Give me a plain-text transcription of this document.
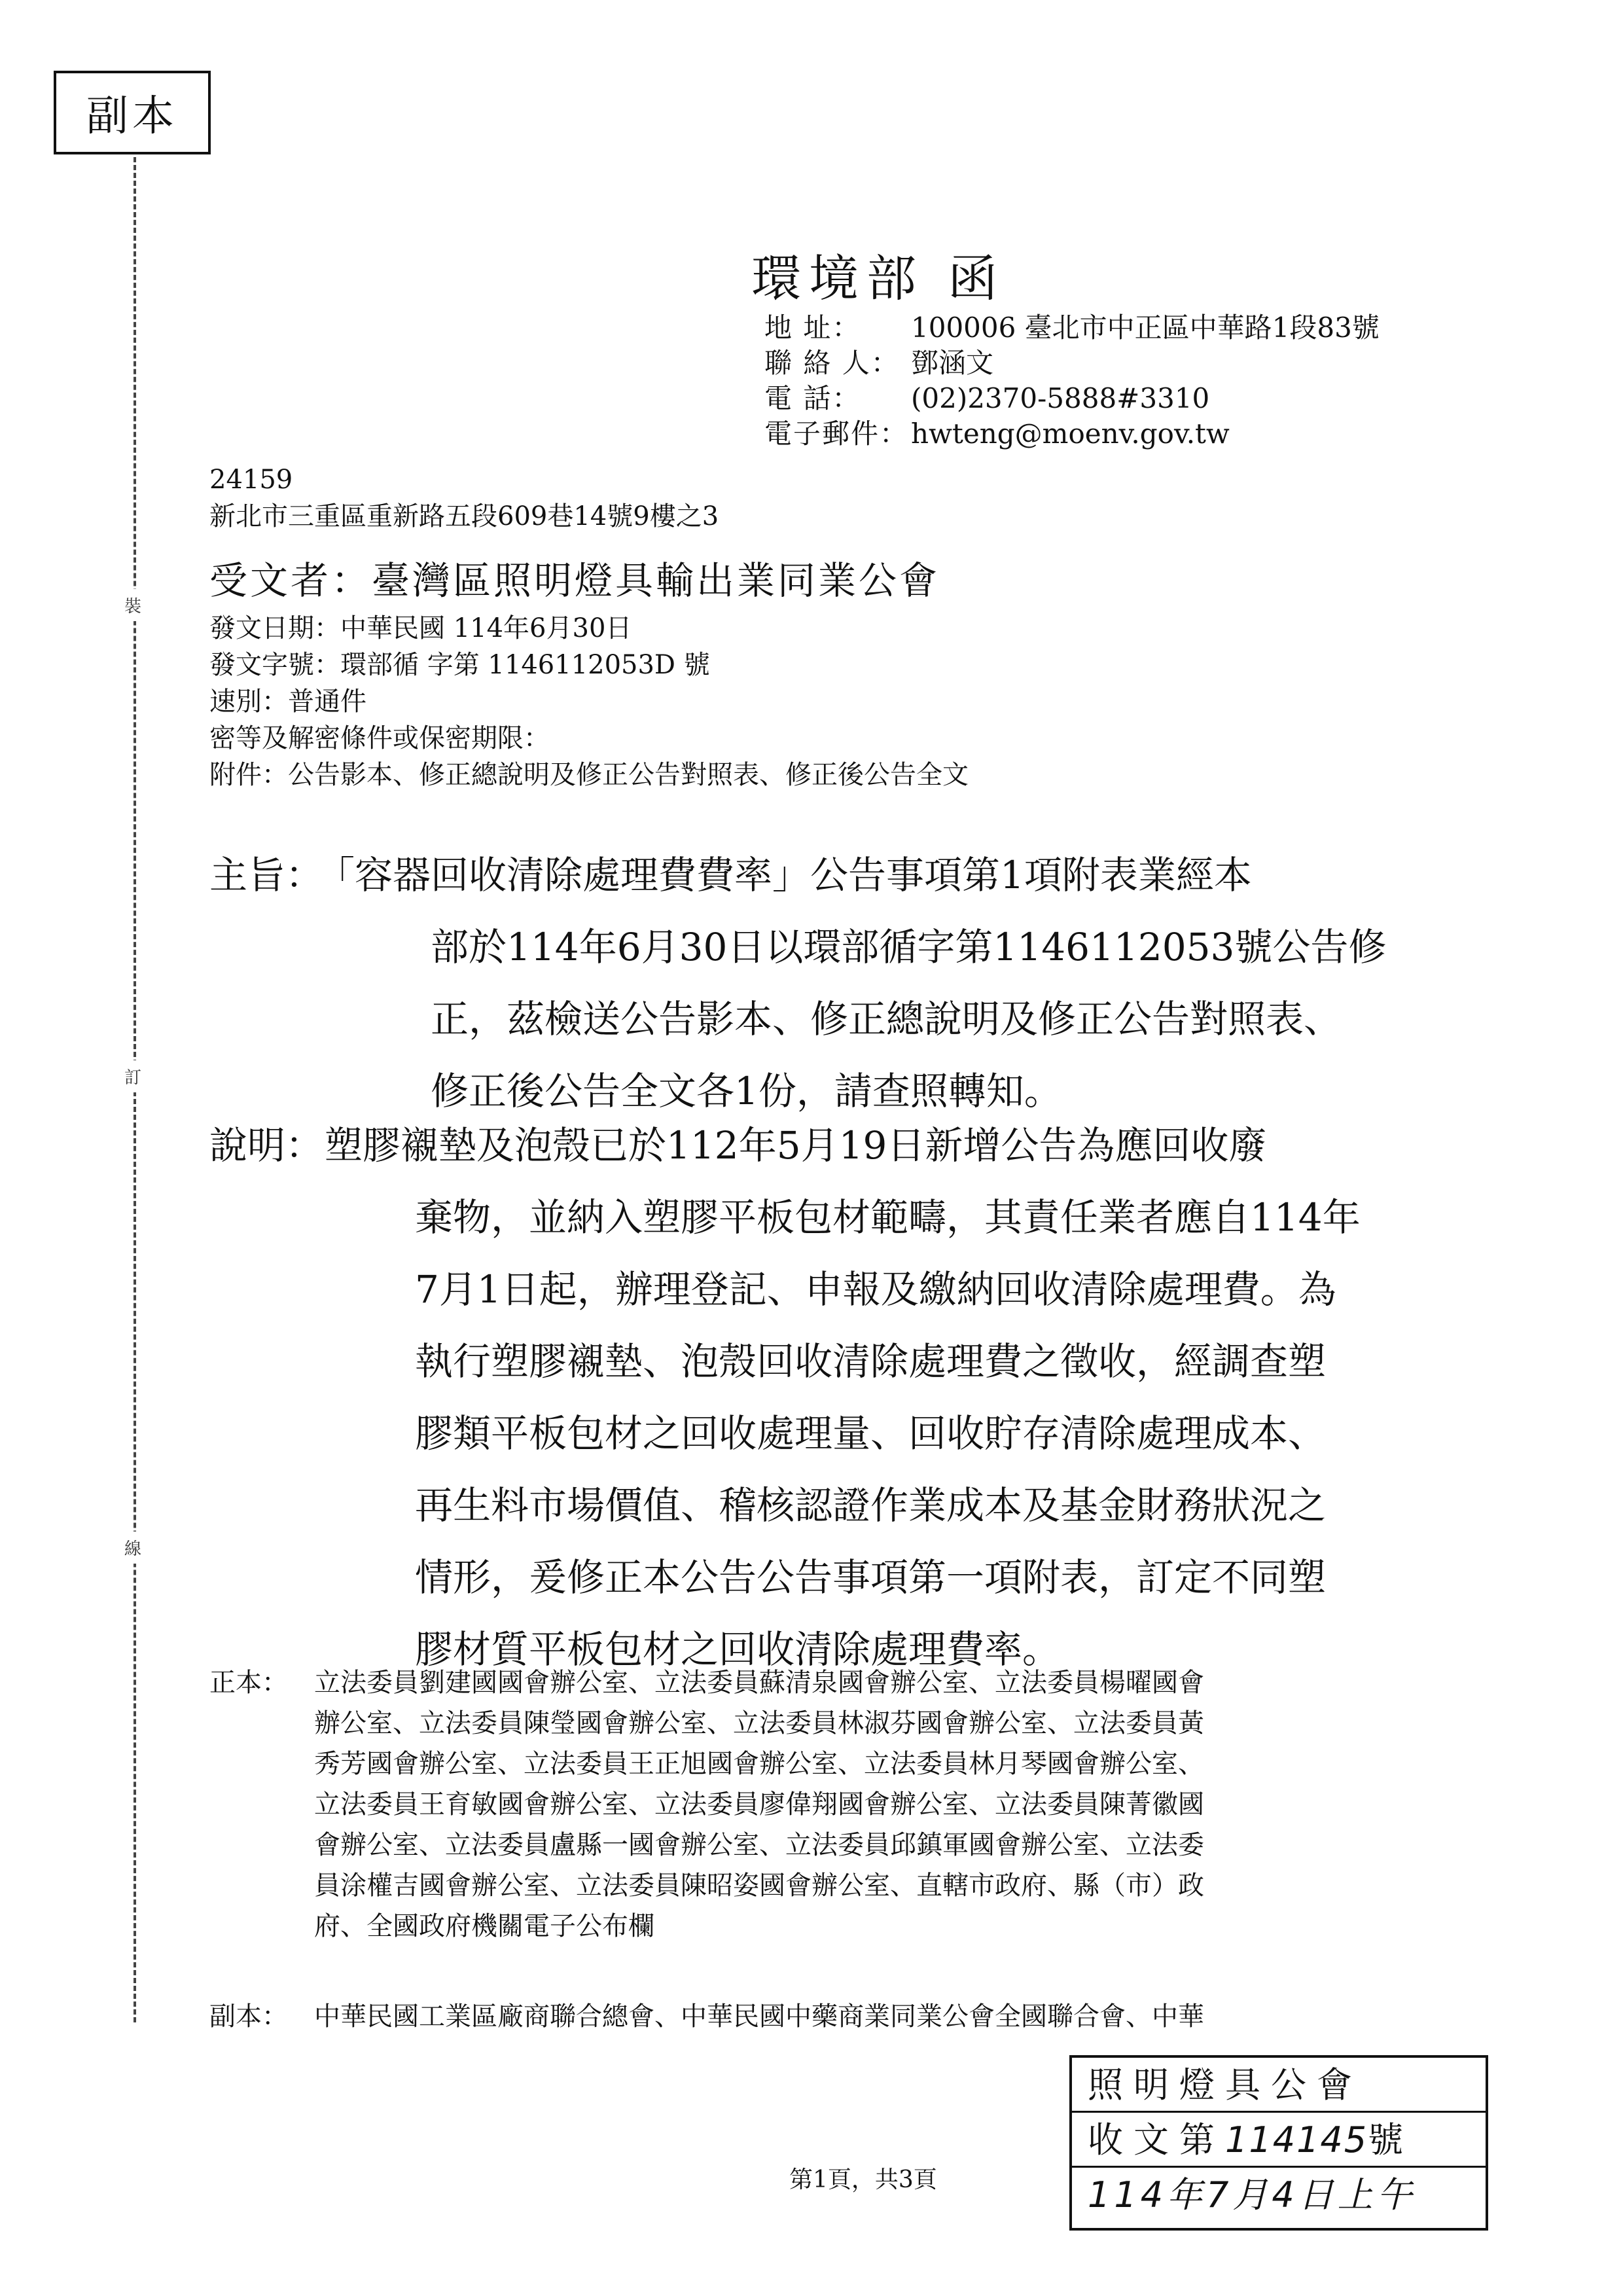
副本
裝
訂
線
環境部 函
地 址：	100006 臺北市中正區中華路1段83號
聯 絡 人： 鄧涵文
電 話：	(02)2370-5888#3310
電子郵件： hwteng@moenv.gov.tw
24159
新北市三重區重新路五段609巷14號9樓之3
受文者：臺灣區照明燈具輸出業同業公會
發文日期：中華民國 114年6月30日
發文字號：環部循 字第 1146112053D 號
速別：普通件
密等及解密條件或保密期限：
附件：公告影本、修正總說明及修正公告對照表、修正後公告全文
主旨：
「容器回收清除處理費費率」公告事項第1項附表業經本
部於114年6月30日以環部循字第1146112053號公告修
正，茲檢送公告影本、修正總說明及修正公告對照表、
修正後公告全文各1份，請查照轉知。
說明： 塑膠襯墊及泡殼已於112年5月19日新增公告為應回收廢
棄物，並納入塑膠平板包材範疇，其責任業者應自114年
7月1日起，辦理登記、申報及繳納回收清除處理費。為
執行塑膠襯墊、泡殼回收清除處理費之徵收，經調查塑
膠類平板包材之回收處理量、回收貯存清除處理成本、
再生料市場價值、稽核認證作業成本及基金財務狀況之
情形，爰修正本公告公告事項第一項附表，訂定不同塑
膠材質平板包材之回收清除處理費率。
正本： 立法委員劉建國國會辦公室、立法委員蘇清泉國會辦公室、立法委員楊曜國會
辦公室、立法委員陳瑩國會辦公室、立法委員林淑芬國會辦公室、立法委員黃
秀芳國會辦公室、立法委員王正旭國會辦公室、立法委員林月琴國會辦公室、
立法委員王育敏國會辦公室、立法委員廖偉翔國會辦公室、立法委員陳菁徽國
會辦公室、立法委員盧縣一國會辦公室、立法委員邱鎮軍國會辦公室、立法委
員涂權吉國會辦公室、立法委員陳昭姿國會辦公室、直轄市政府、縣（市）政
府、全國政府機關電子公布欄
副本： 中華民國工業區廠商聯合總會、中華民國中藥商業同業公會全國聯合會、中華
第1頁，共3頁
照明燈具公會
收文第114145號
114年7月4日上午
